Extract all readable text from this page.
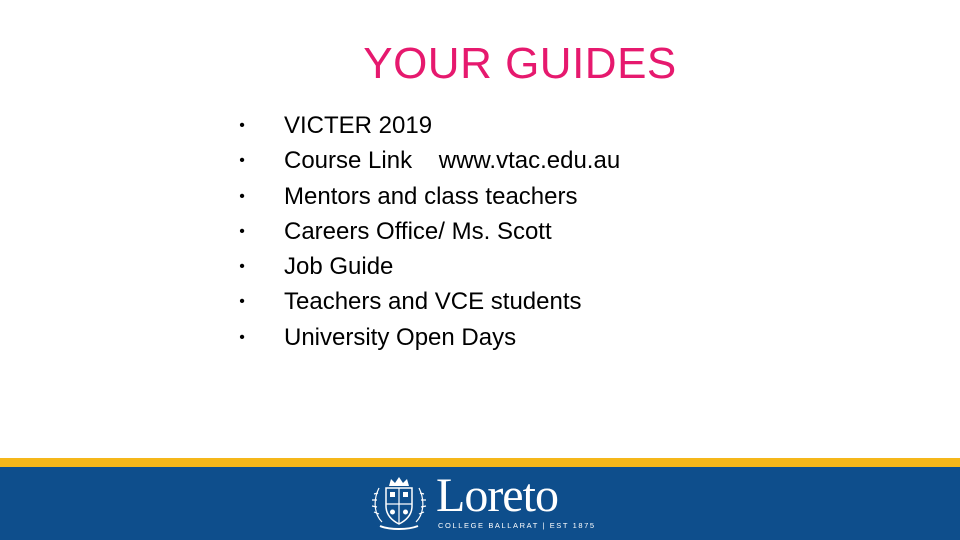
YOUR GUIDES

•

	VICTER 2019

•

	Course Link    www.vtac.edu.au

•

	Mentors and class teachers

•

	Careers Office/ Ms. Scott

•

	Job Guide

•

	Teachers and VCE students

•

	University Open Days

Loreto
COLLEGE BALLARAT | EST 1875
